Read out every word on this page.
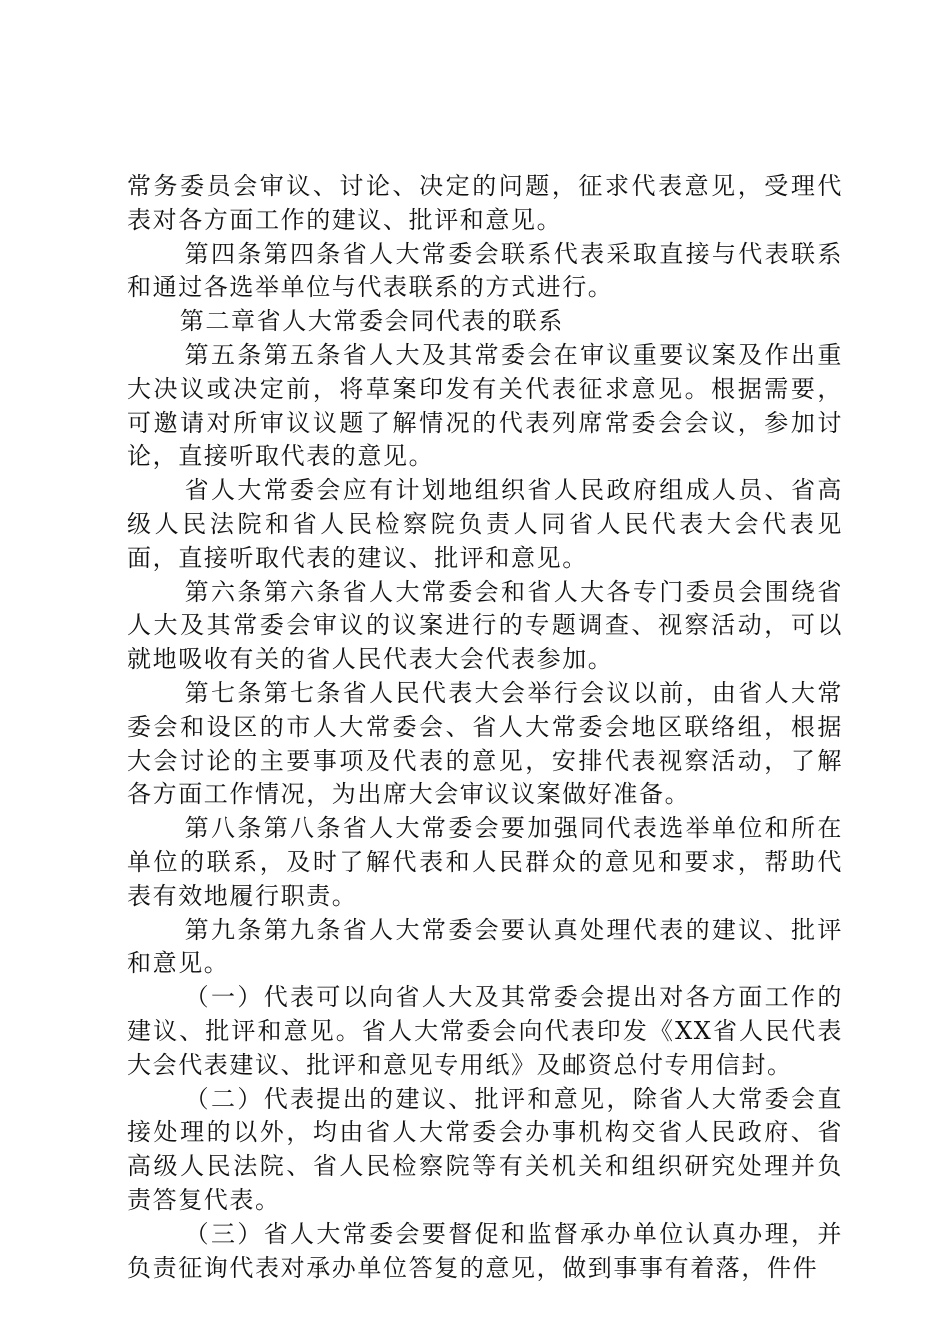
常务委员会审议、讨论、决定的问题，征求代表意见，受理代表对各方面工作的建议、批评和意见。

第四条第四条省人大常委会联系代表采取直接与代表联系和通过各选举单位与代表联系的方式进行。

第二章省人大常委会同代表的联系

第五条第五条省人大及其常委会在审议重要议案及作出重大决议或决定前，将草案印发有关代表征求意见。根据需要，可邀请对所审议议题了解情况的代表列席常委会会议，参加讨论，直接听取代表的意见。

省人大常委会应有计划地组织省人民政府组成人员、省高级人民法院和省人民检察院负责人同省人民代表大会代表见面，直接听取代表的建议、批评和意见。

第六条第六条省人大常委会和省人大各专门委员会围绕省人大及其常委会审议的议案进行的专题调查、视察活动，可以就地吸收有关的省人民代表大会代表参加。

第七条第七条省人民代表大会举行会议以前，由省人大常委会和设区的市人大常委会、省人大常委会地区联络组，根据大会讨论的主要事项及代表的意见，安排代表视察活动，了解各方面工作情况，为出席大会审议议案做好准备。

第八条第八条省人大常委会要加强同代表选举单位和所在单位的联系，及时了解代表和人民群众的意见和要求，帮助代表有效地履行职责。

第九条第九条省人大常委会要认真处理代表的建议、批评和意见。

（一）代表可以向省人大及其常委会提出对各方面工作的建议、批评和意见。省人大常委会向代表印发《XX省人民代表大会代表建议、批评和意见专用纸》及邮资总付专用信封。

（二）代表提出的建议、批评和意见，除省人大常委会直接处理的以外，均由省人大常委会办事机构交省人民政府、省高级人民法院、省人民检察院等有关机关和组织研究处理并负责答复代表。

（三）省人大常委会要督促和监督承办单位认真办理，并负责征询代表对承办单位答复的意见，做到事事有着落，件件
